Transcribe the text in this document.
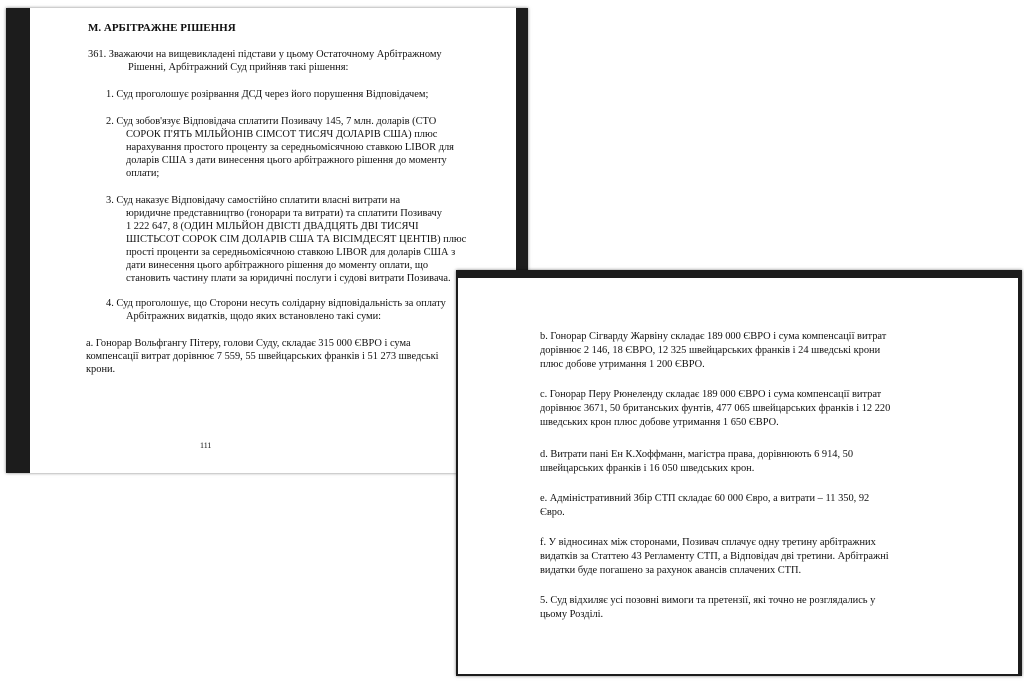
М. АРБІТРАЖНЕ РІШЕННЯ
361. Зважаючи на вищевикладені підстави у цьому Остаточному Арбітражному
Рішенні, Арбітражний Суд прийняв такі рішення:
1. Суд проголошує розірвання ДСД через його порушення Відповідачем;
2. Суд зобов'язує Відповідача сплатити Позивачу 145, 7 млн. доларів (СТО
СОРОК П'ЯТЬ МІЛЬЙОНІВ СІМСОТ ТИСЯЧ ДОЛАРІВ США) плюс
нарахування простого проценту за середньомісячною ставкою LIBOR для
доларів США з дати винесення цього арбітражного рішення до моменту
оплати;
3. Суд наказує Відповідачу самостійно сплатити власні витрати на
юридичне представництво (гонорари та витрати) та сплатити Позивачу
1 222 647, 8 (ОДИН МІЛЬЙОН ДВІСТІ ДВАДЦЯТЬ ДВІ ТИСЯЧІ
ШІСТЬСОТ СОРОК СІМ ДОЛАРІВ США ТА ВІСІМДЕСЯТ ЦЕНТІВ) плюс
прості проценти за середньомісячною ставкою LIBOR для доларів США з
дати винесення цього арбітражного рішення до моменту оплати, що
становить частину плати за юридичні послуги і судові витрати Позивача.
4. Суд проголошує, що Сторони несуть солідарну відповідальність за оплату
Арбітражних видатків, щодо яких встановлено такі суми:
a. Гонорар Вольфгангу Пітеру, голови Суду, складає 315 000 ЄВРО і сума
компенсації витрат дорівнює 7 559, 55 швейцарських франків і 51 273 шведські
крони.
111
b. Гонорар Сігварду Жарвіну складає 189 000 ЄВРО і сума компенсації витрат
дорівнює 2 146, 18 ЄВРО, 12 325 швейцарських франків і 24 шведські крони
плюс добове утримання 1 200 ЄВРО.
c. Гонорар Перу Рюнеленду складає 189 000 ЄВРО і сума компенсації витрат
дорівнює 3671, 50 британських фунтів, 477 065 швейцарських франків і 12 220
шведських крон плюс добове утримання 1 650 ЄВРО.
d. Витрати пані Ен К.Хоффманн, магістра права, дорівнюють 6 914, 50
швейцарських франків і 16 050 шведських крон.
e. Адміністративний Збір СТП складає 60 000 Євро, а витрати – 11 350, 92
Євро.
f. У відносинах між сторонами, Позивач сплачує одну третину арбітражних
видатків за Статтею 43 Регламенту СТП, а Відповідач дві третини. Арбітражні
видатки буде погашено за рахунок авансів сплачених СТП.
5. Суд відхиляє усі позовні вимоги та претензії, які точно не розглядались у
цьому Розділі.
